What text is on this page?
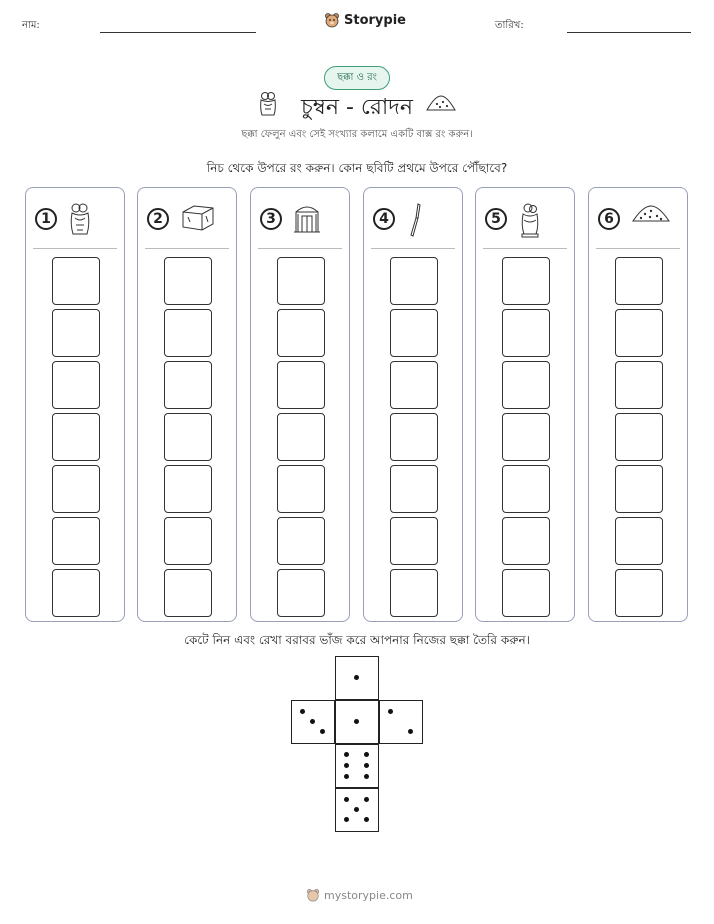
নাম:	Storypie	তারিখ:
ছক্কা ও রং
চুম্বন - রোদন
ছক্কা ফেলুন এবং সেই সংখ্যার কলামে একটি বাক্স রং করুন।
নিচ থেকে উপরে রং করুন। কোন ছবিটি প্রথমে উপরে পৌঁছাবে?
1	2	3	4	5	6
কেটে নিন এবং রেখা বরাবর ভাঁজ করে আপনার নিজের ছক্কা তৈরি করুন।
mystorypie.com
